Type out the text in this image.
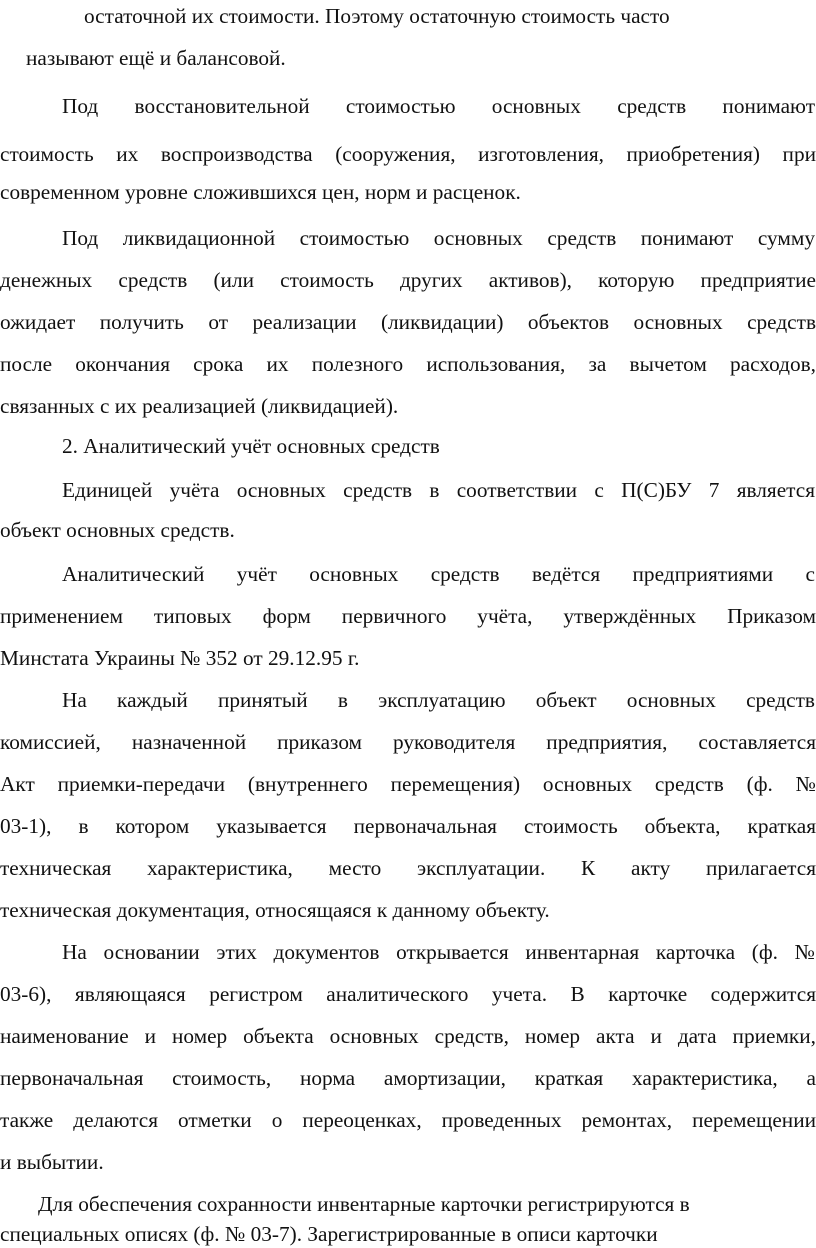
остаточной их стоимости. Поэтому остаточную стоимость часто
называют ещё и балансовой.
Под восстановительной стоимостью основных средств понимают
стоимость их воспроизводства (сооружения, изготовления, приобретения) при
современном уровне сложившихся цен, норм и расценок.
Под ликвидационной стоимостью основных средств понимают сумму
денежных средств (или стоимость других активов), которую предприятие
ожидает получить от реализации (ликвидации) объектов основных средств
после окончания срока их полезного использования, за вычетом расходов,
связанных с их реализацией (ликвидацией).
2. Аналитический учёт основных средств
Единицей учёта основных средств в соответствии с П(С)БУ 7 является
объект основных средств.
Аналитический учёт основных средств ведётся предприятиями с
применением типовых форм первичного учёта, утверждённых Приказом
Минстата Украины № 352 от 29.12.95 г.
На каждый принятый в эксплуатацию объект основных средств
комиссией, назначенной приказом руководителя предприятия, составляется
Акт приемки-передачи (внутреннего перемещения) основных средств (ф. №
03-1), в котором указывается первоначальная стоимость объекта, краткая
техническая характеристика, место эксплуатации. К акту прилагается
техническая документация, относящаяся к данному объекту.
На основании этих документов открывается инвентарная карточка (ф. №
03-6), являющаяся регистром аналитического учета. В карточке содержится
наименование и номер объекта основных средств, номер акта и дата приемки,
первоначальная стоимость, норма амортизации, краткая характеристика, а
также делаются отметки о переоценках, проведенных ремонтах, перемещении
и выбытии.
Для обеспечения сохранности инвентарные карточки регистрируются в
специальных описях (ф. № 03-7). Зарегистрированные в описи карточки
